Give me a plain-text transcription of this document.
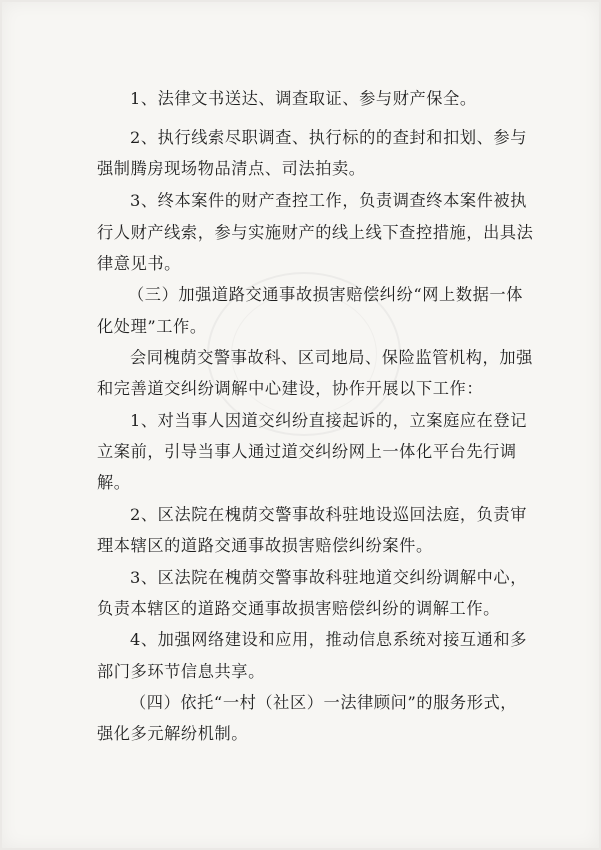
1、法律文书送达、调查取证、参与财产保全。

2、执行线索尽职调查、执行标的的查封和扣划、参与

强制腾房现场物品清点、司法拍卖。

3、终本案件的财产查控工作，负责调查终本案件被执

行人财产线索，参与实施财产的线上线下查控措施，出具法

律意见书。

（三）加强道路交通事故损害赔偿纠纷“网上数据一体

化处理”工作。

会同槐荫交警事故科、区司地局、保险监管机构，加强

和完善道交纠纷调解中心建设，协作开展以下工作：

1、对当事人因道交纠纷直接起诉的，立案庭应在登记

立案前，引导当事人通过道交纠纷网上一体化平台先行调

解。

2、区法院在槐荫交警事故科驻地设巡回法庭，负责审

理本辖区的道路交通事故损害赔偿纠纷案件。

3、区法院在槐荫交警事故科驻地道交纠纷调解中心，

负责本辖区的道路交通事故损害赔偿纠纷的调解工作。

4、加强网络建设和应用，推动信息系统对接互通和多

部门多环节信息共享。

（四）依托“一村（社区）一法律顾问”的服务形式，

强化多元解纷机制。
